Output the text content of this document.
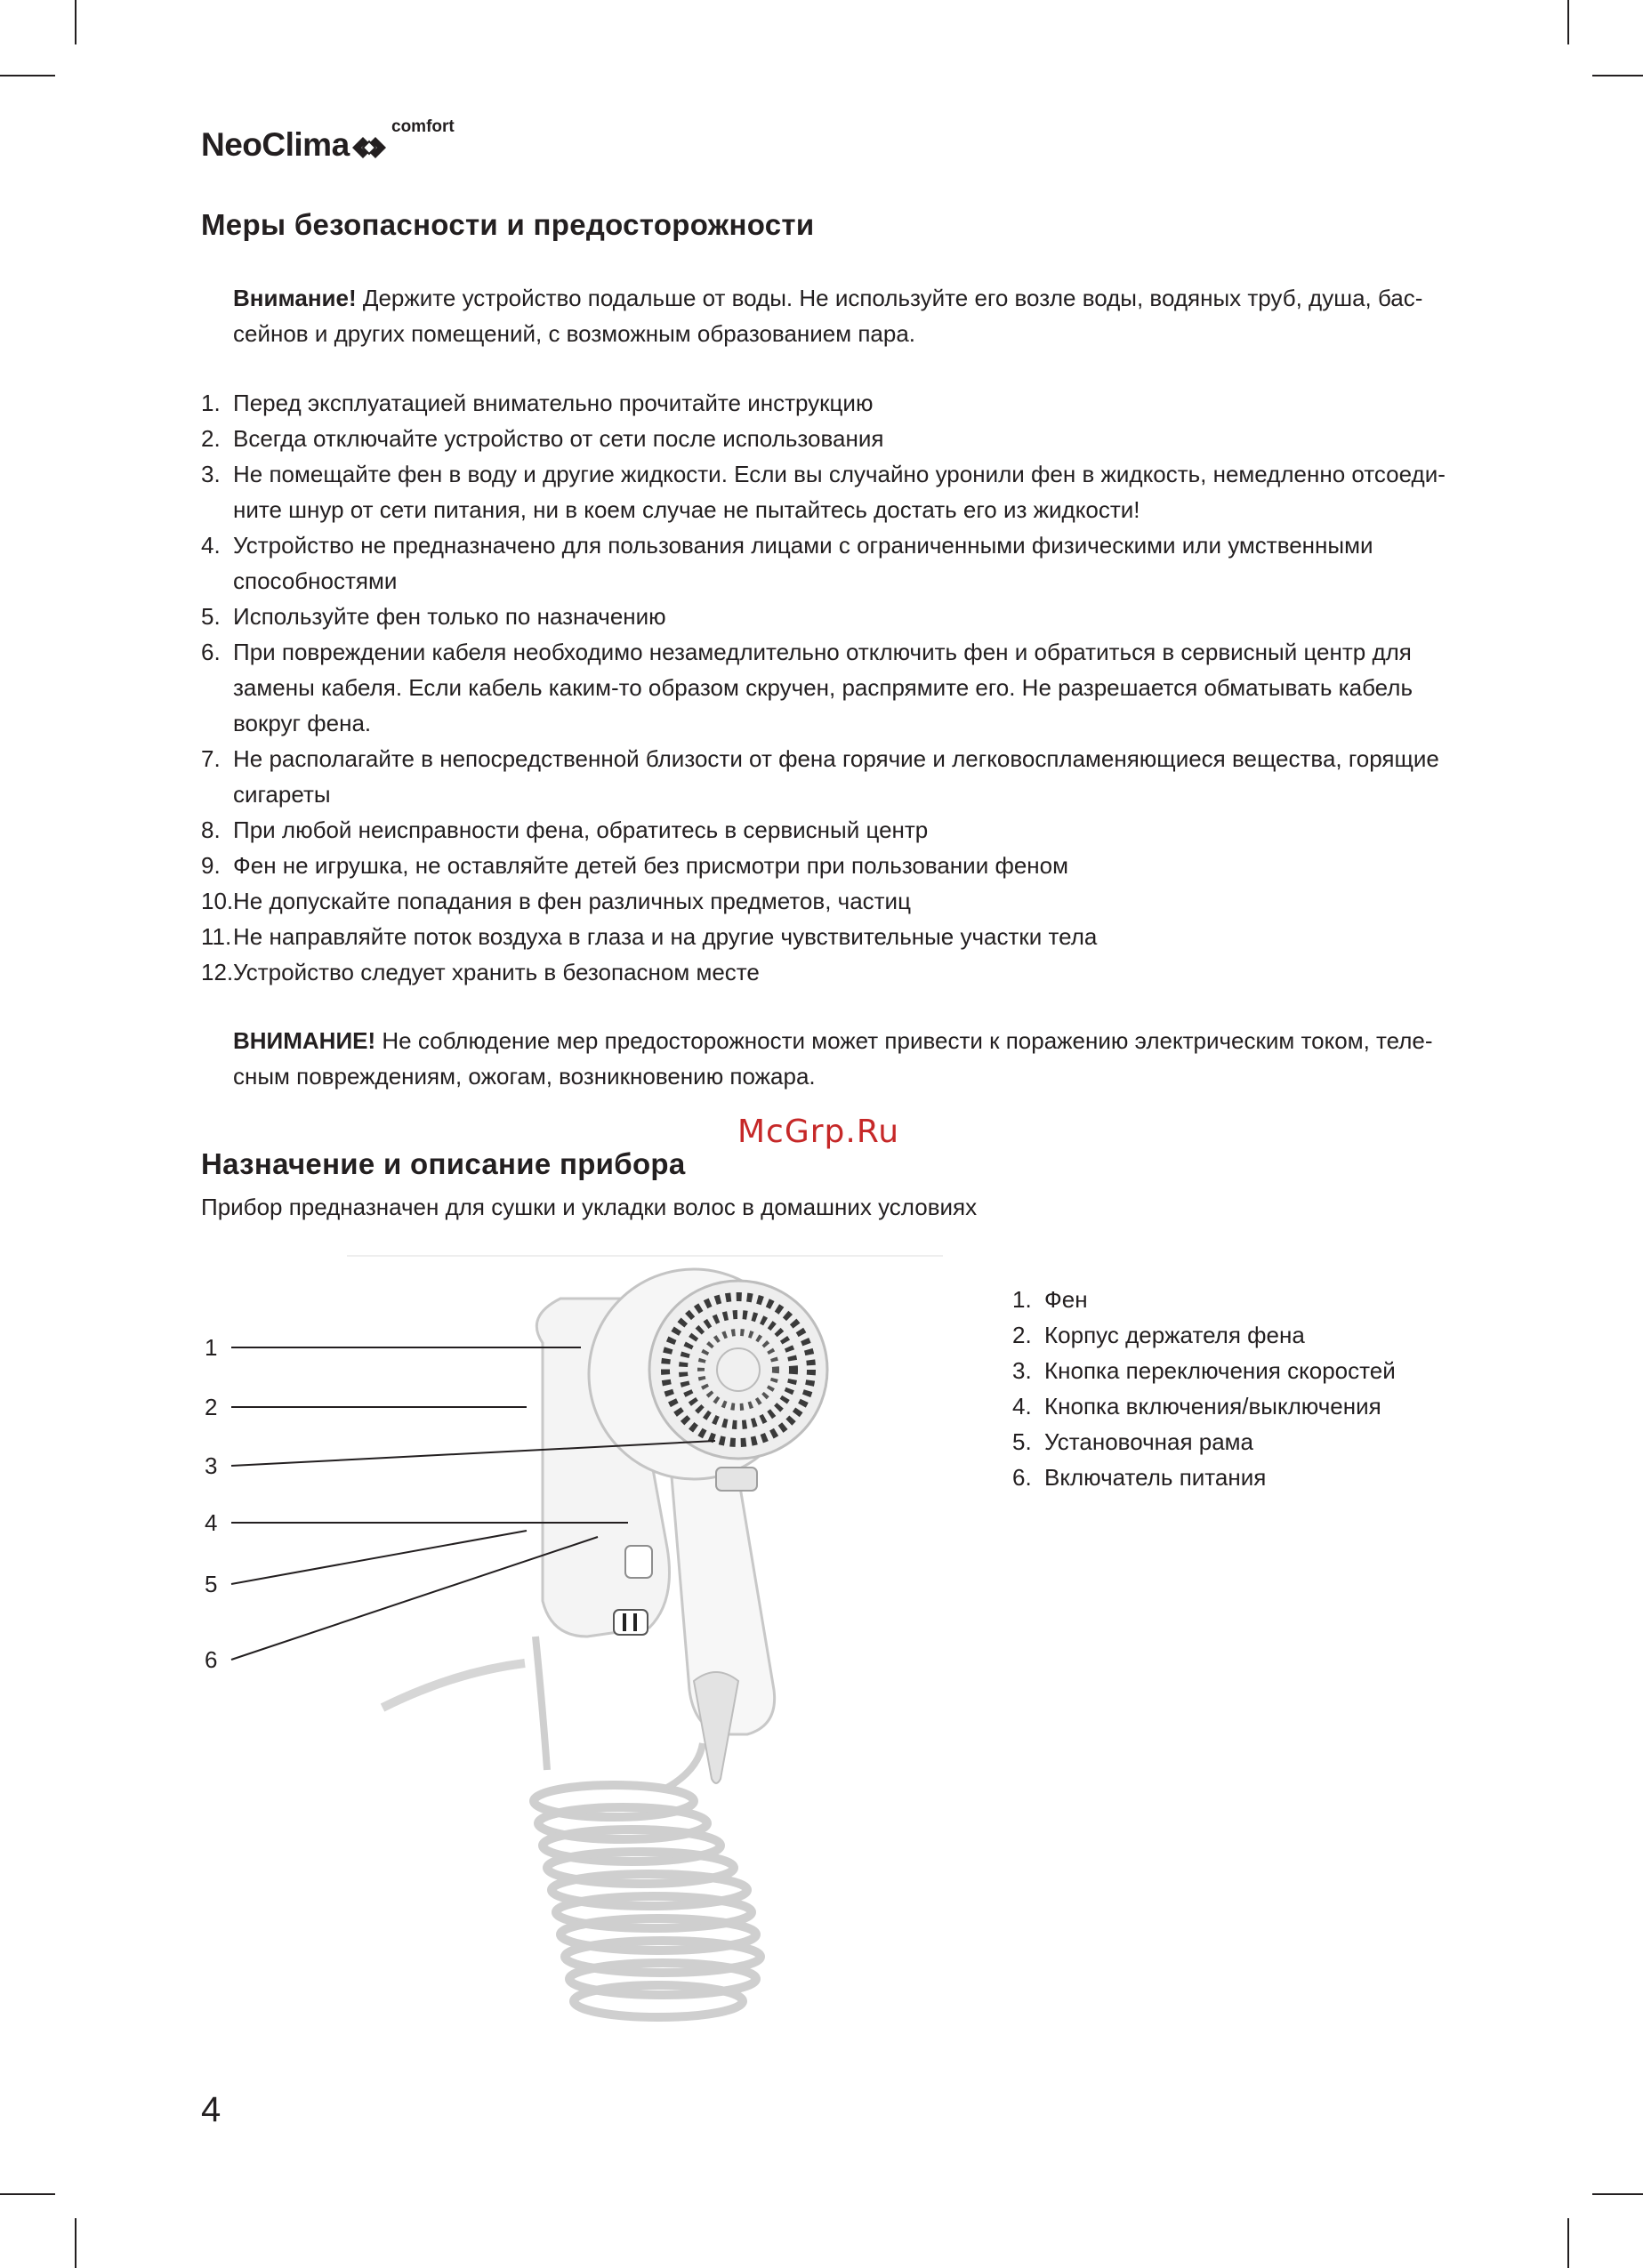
NeoClima comfort
Меры безопасности и предосторожности

Внимание! Держите устройство подальше от воды. Не используйте его возле воды, водяных труб, душа, бас-сейнов и других помещений, с возможным образованием пара.

1. Перед эксплуатацией внимательно прочитайте инструкцию
2. Всегда отключайте устройство от сети после использования
3. Не помещайте фен в воду и другие жидкости. Если вы случайно уронили фен в жидкость, немедленно отсоеди-ните шнур от сети питания, ни в коем случае не пытайтесь достать его из жидкости!
4. Устройство не предназначено для пользования лицами с ограниченными физическими или умственными способностями
5. Используйте фен только по назначению
6. При повреждении кабеля необходимо незамедлительно отключить фен и обратиться в сервисный центр для замены кабеля. Если кабель каким-то образом скручен, распрямите его. Не разрешается обматывать кабель вокруг фена.
7. Не располагайте в непосредственной близости от фена горячие и легковоспламеняющиеся вещества, горящие сигареты
8. При любой неисправности фена, обратитесь в сервисный центр
9. Фен не игрушка, не оставляйте детей без присмотри при пользовании феном
10. Не допускайте попадания в фен различных предметов, частиц
11. Не направляйте поток воздуха в глаза и на другие чувствительные участки тела
12. Устройство следует хранить в безопасном месте

ВНИМАНИЕ! Не соблюдение мер предосторожности может привести к поражению электрическим током, теле-сным повреждениям, ожогам, возникновению пожара.

McGrp.Ru
Назначение и описание прибора
Прибор предназначен для сушки и укладки волос в домашних условиях
1
2
3
4
5
6
1. Фен
2. Корпус держателя фена
3. Кнопка переключения скоростей
4. Кнопка включения/выключения
5. Установочная рама
6. Включатель питания
4
